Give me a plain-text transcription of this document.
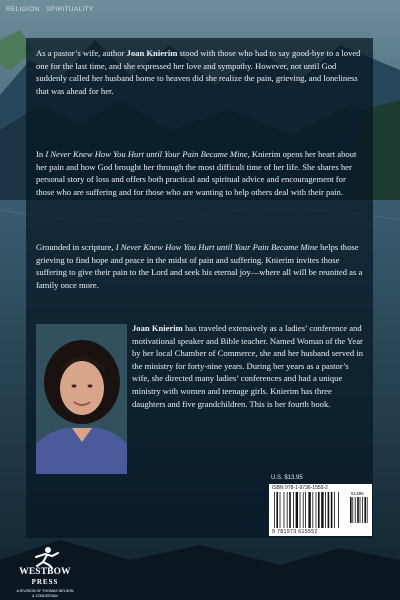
RELIGION · SPIRITUALITY

As a pastor’s wife, author Joan Knierim stood with those who had to say good-bye to a loved one for the last time, and she expressed her love and sympathy. However, not until God suddenly called her husband home to heaven did she realize the pain, grieving, and loneliness that was ahead for her.

In I Never Knew How You Hurt until Your Pain Became Mine, Knierim opens her heart about her pain and how God brought her through the most difficult time of her life. She shares her personal story of loss and offers both practical and spiritual advice and encouragement for those who are suffering and for those who are wanting to help others deal with their pain.

Grounded in scripture, I Never Knew How You Hurt until Your Pain Became Mine helps those grieving to find hope and peace in the midst of pain and suffering. Knierim invites those suffering to give their pain to the Lord and seek his eternal joy—where all will be reunited as a family once more.

Joan Knierim has traveled extensively as a ladies’ conference and motivational speaker and Bible teacher. Named Woman of the Year by her local Chamber of Commerce, she and her husband served in the ministry for forty-nine years. During her years as a pastor’s wife, she directed many ladies’ conferences and had a unique ministry with women and teenage girls. Knierim has three daughters and five grandchildren. This is her fourth book.

U.S. $13.95
ISBN 978-1-9736-1555-2
51395
9 781973 615552
WESTBOW
PRESS
A DIVISION OF THOMAS NELSON
& ZONDERVAN
